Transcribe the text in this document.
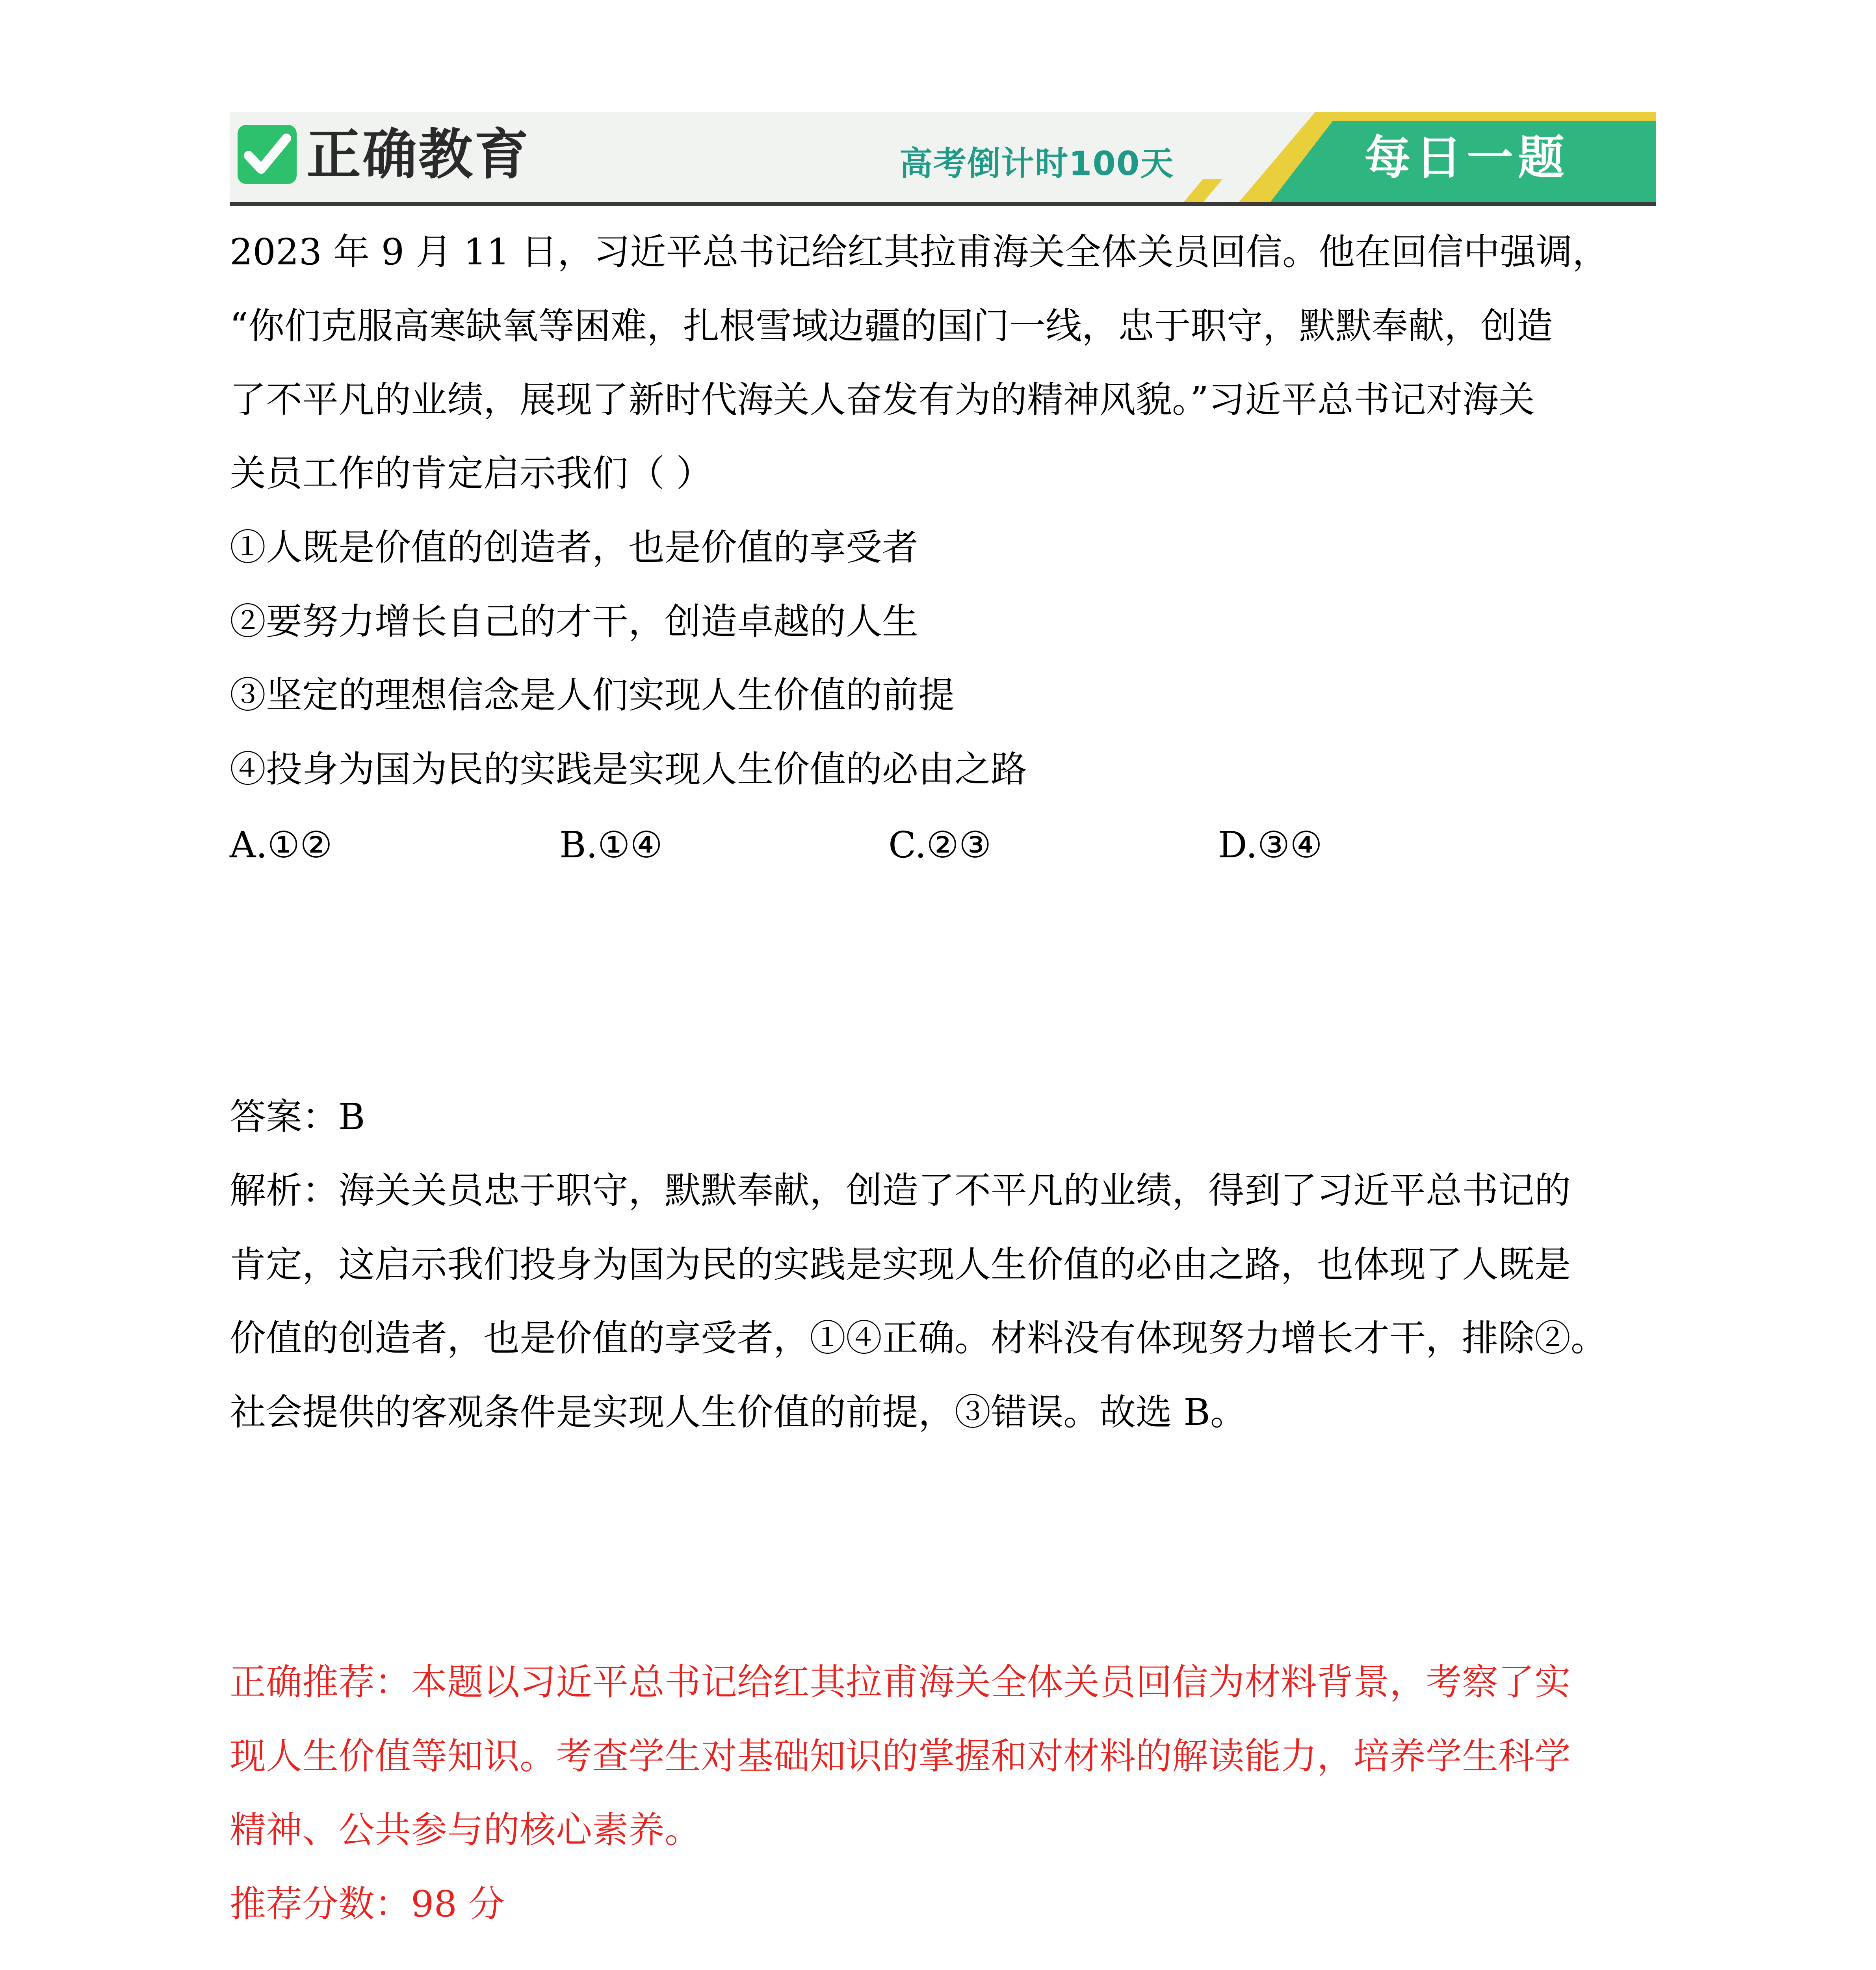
正确教育	高考倒计时100天	每日一题
2023 年 9 月 11 日，习近平总书记给红其拉甫海关全体关员回信。他在回信中强调，
“你们克服高寒缺氧等困难，扎根雪域边疆的国门一线，忠于职守，默默奉献，创造
了不平凡的业绩，展现了新时代海关人奋发有为的精神风貌。”习近平总书记对海关
关员工作的肯定启示我们（ ）
①人既是价值的创造者，也是价值的享受者
②要努力增长自己的才干，创造卓越的人生
③坚定的理想信念是人们实现人生价值的前提
④投身为国为民的实践是实现人生价值的必由之路
A.①②	B.①④	C.②③	D.③④
答案：B
解析：海关关员忠于职守，默默奉献，创造了不平凡的业绩，得到了习近平总书记的
肯定，这启示我们投身为国为民的实践是实现人生价值的必由之路，也体现了人既是
价值的创造者，也是价值的享受者，①④正确。材料没有体现努力增长才干，排除②。
社会提供的客观条件是实现人生价值的前提，③错误。故选 B。
正确推荐：本题以习近平总书记给红其拉甫海关全体关员回信为材料背景，考察了实
现人生价值等知识。考查学生对基础知识的掌握和对材料的解读能力，培养学生科学
精神、公共参与的核心素养。
推荐分数：98 分
